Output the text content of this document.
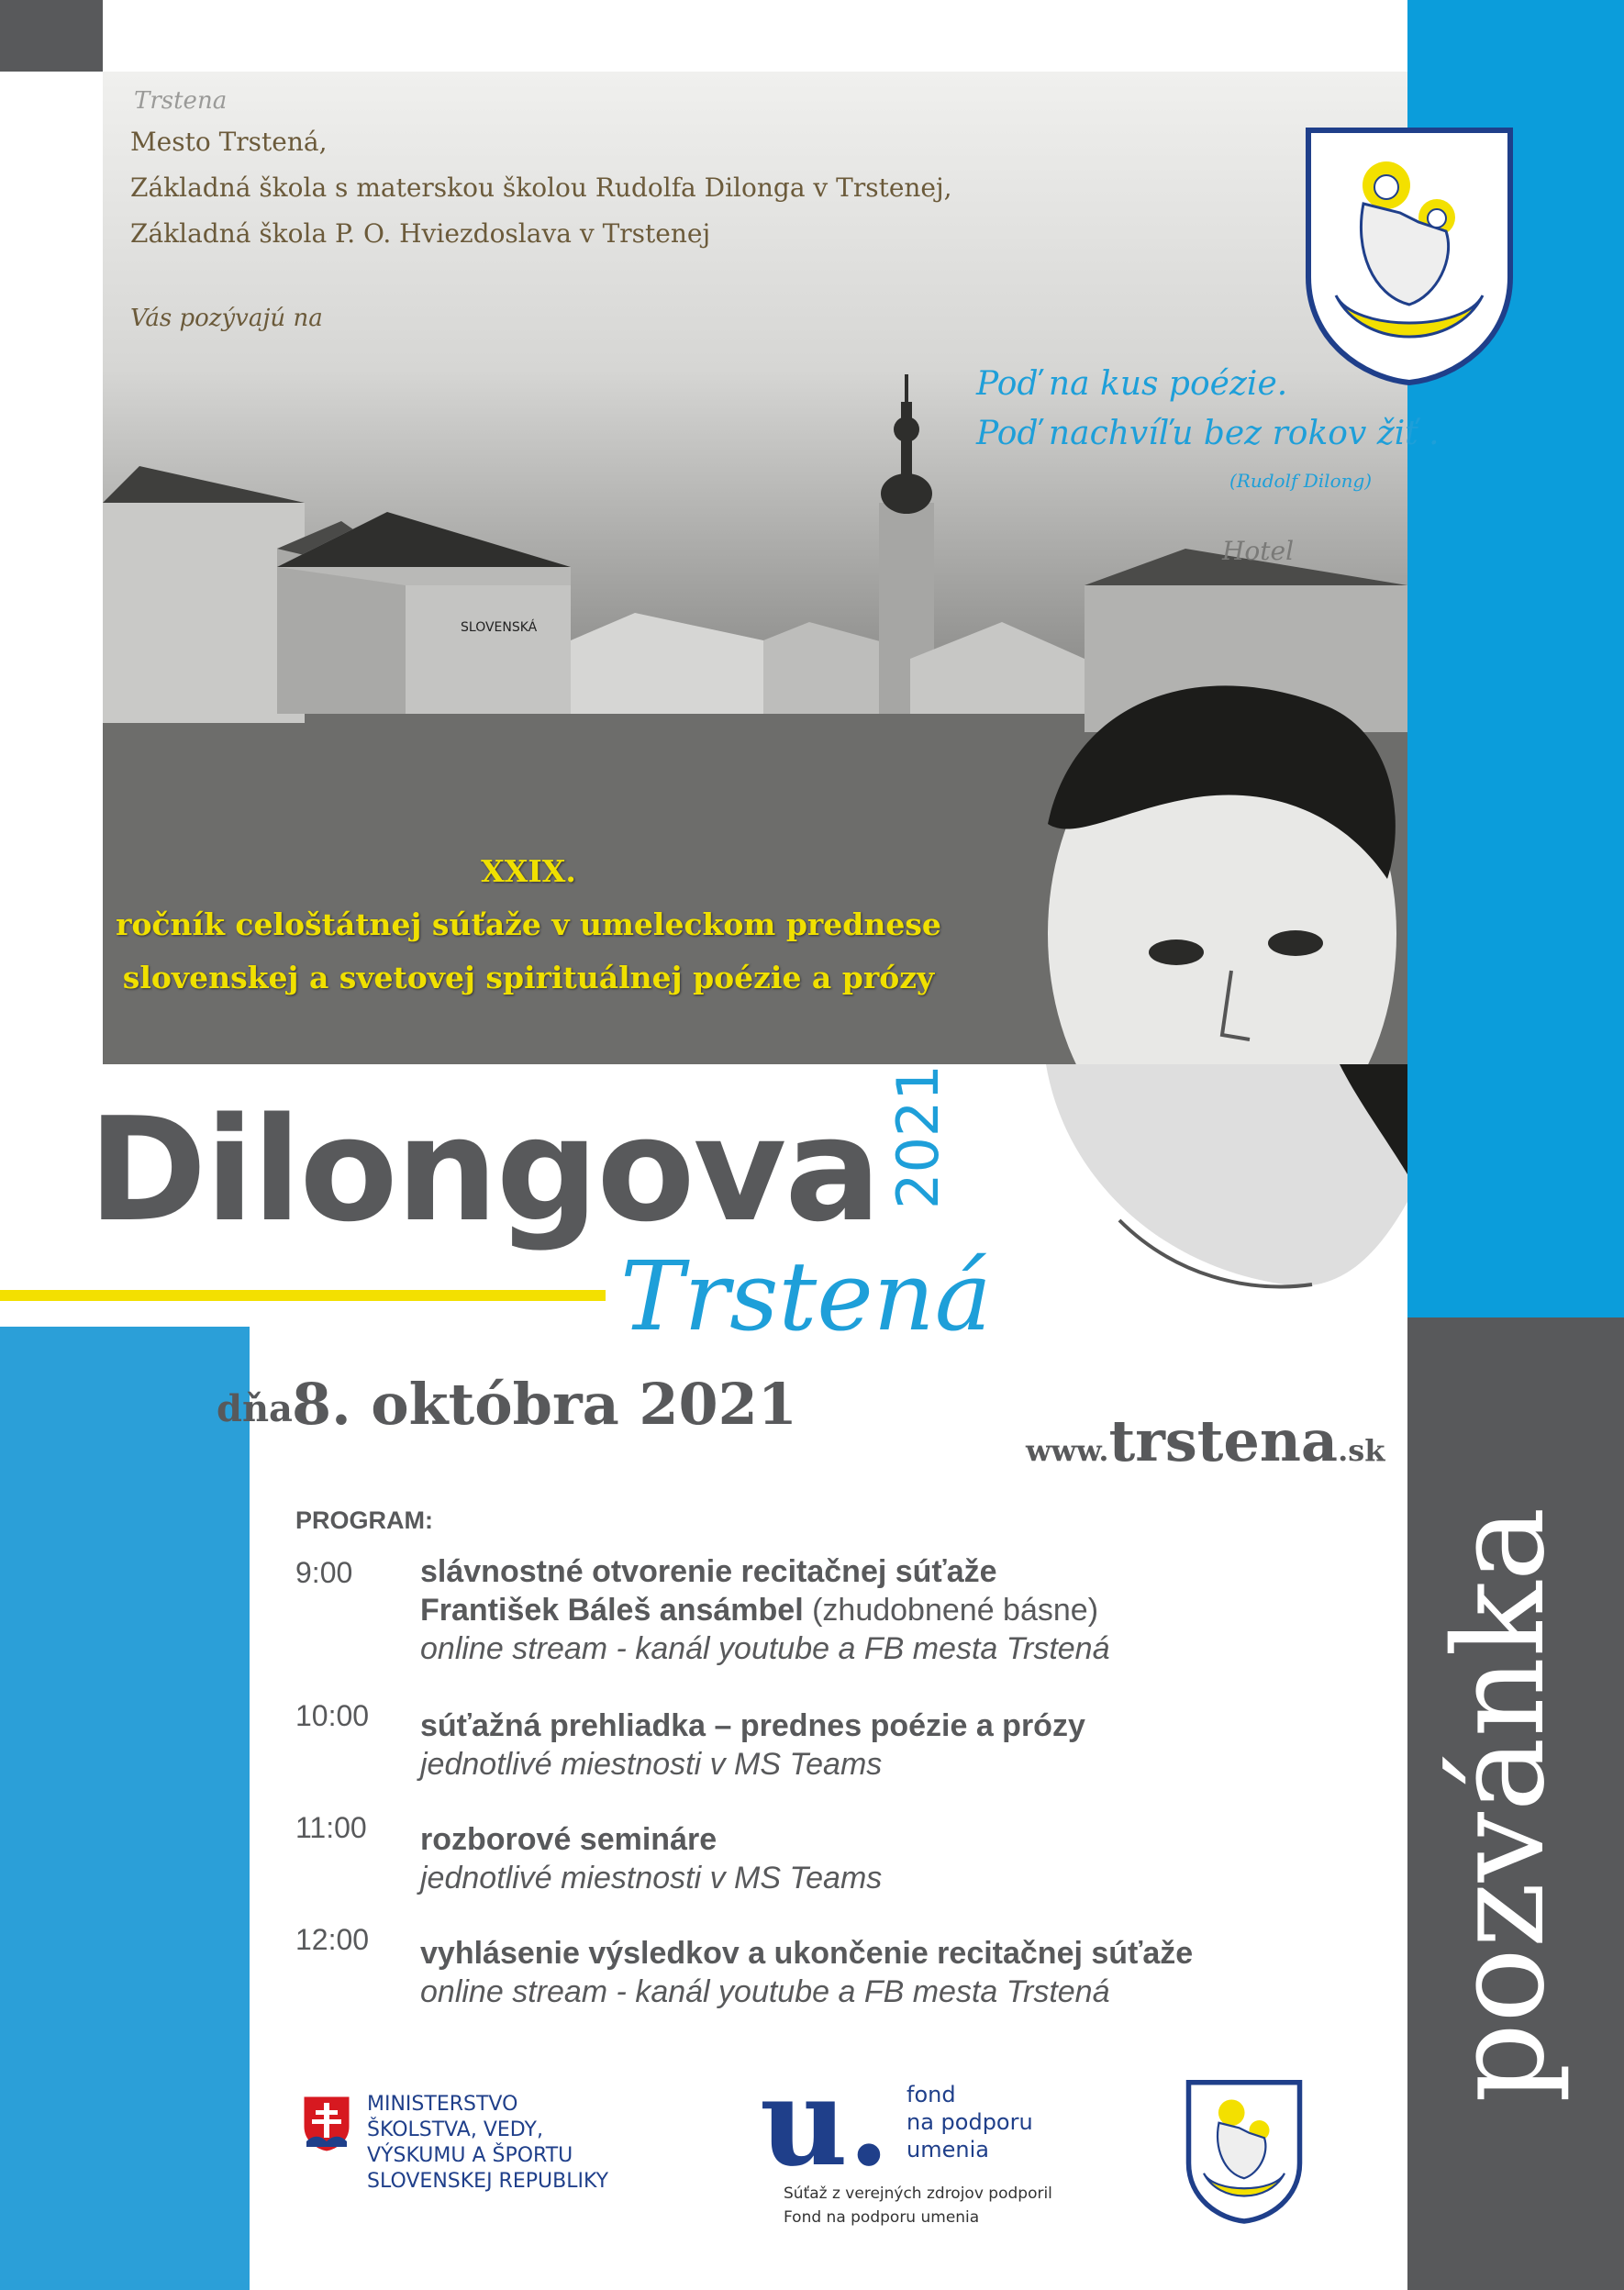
SLOVENSKÁ
Hotel
Trstena
Mesto Trstená,
Základná škola s materskou školou Rudolfa Dilonga v Trstenej,
Základná škola P. O. Hviezdoslava v Trstenej
Vás pozývajú na
Poď na kus poézie.
Poď nachvíľu bez rokov žiť .
(Rudolf Dilong)
XXIX.
ročník celoštátnej súťaže v umeleckom prednese
slovenskej a svetovej spirituálnej poézie a prózy
Dilongova 2021
Trstená
dňa 8. októbra 2021
www.trstena.sk
pozvánka
PROGRAM:
9:00 slávnostné otvorenie recitačnej súťaže
František Báleš ansámbel (zhudobnené básne)
online stream - kanál youtube a FB mesta Trstená
10:00 súťažná prehliadka – prednes poézie a prózy
jednotlivé miestnosti v MS Teams
11:00 rozborové semináre
jednotlivé miestnosti v MS Teams
12:00 vyhlásenie výsledkov a ukončenie recitačnej súťaže
online stream - kanál youtube a FB mesta Trstená
MINISTERSTVO
ŠKOLSTVA, VEDY,
VÝSKUMU A ŠPORTU
SLOVENSKEJ REPUBLIKY	u. fond
na podporu
umenia
Súťaž z verejných zdrojov podporil
Fond na podporu umenia
